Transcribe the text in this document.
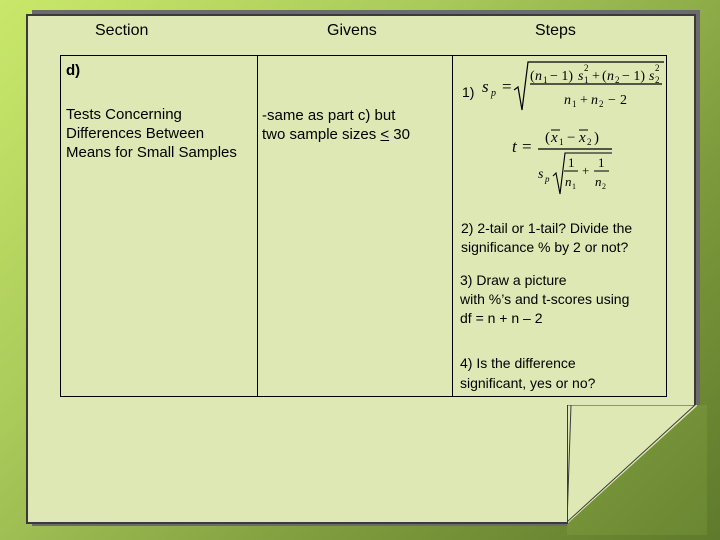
Section	Givens	Steps
d)
Tests Concerning
Differences Between
Means for Small Samples
-same as part c) but
two sample sizes ≤ 30
1) s p =
( n 1 − 1) s 1
2
+ ( n 2 − 1) s 2
2
n 1 + n 2 − 2
t = ( x 1 − x 2 )
s p
1
n 1
+
1
n 2
2) 2-tail or 1-tail? Divide the
significance % by 2 or not?
3) Draw a picture
with %’s and t-scores using
df = n + n – 2
4) Is the difference
significant, yes or no?
